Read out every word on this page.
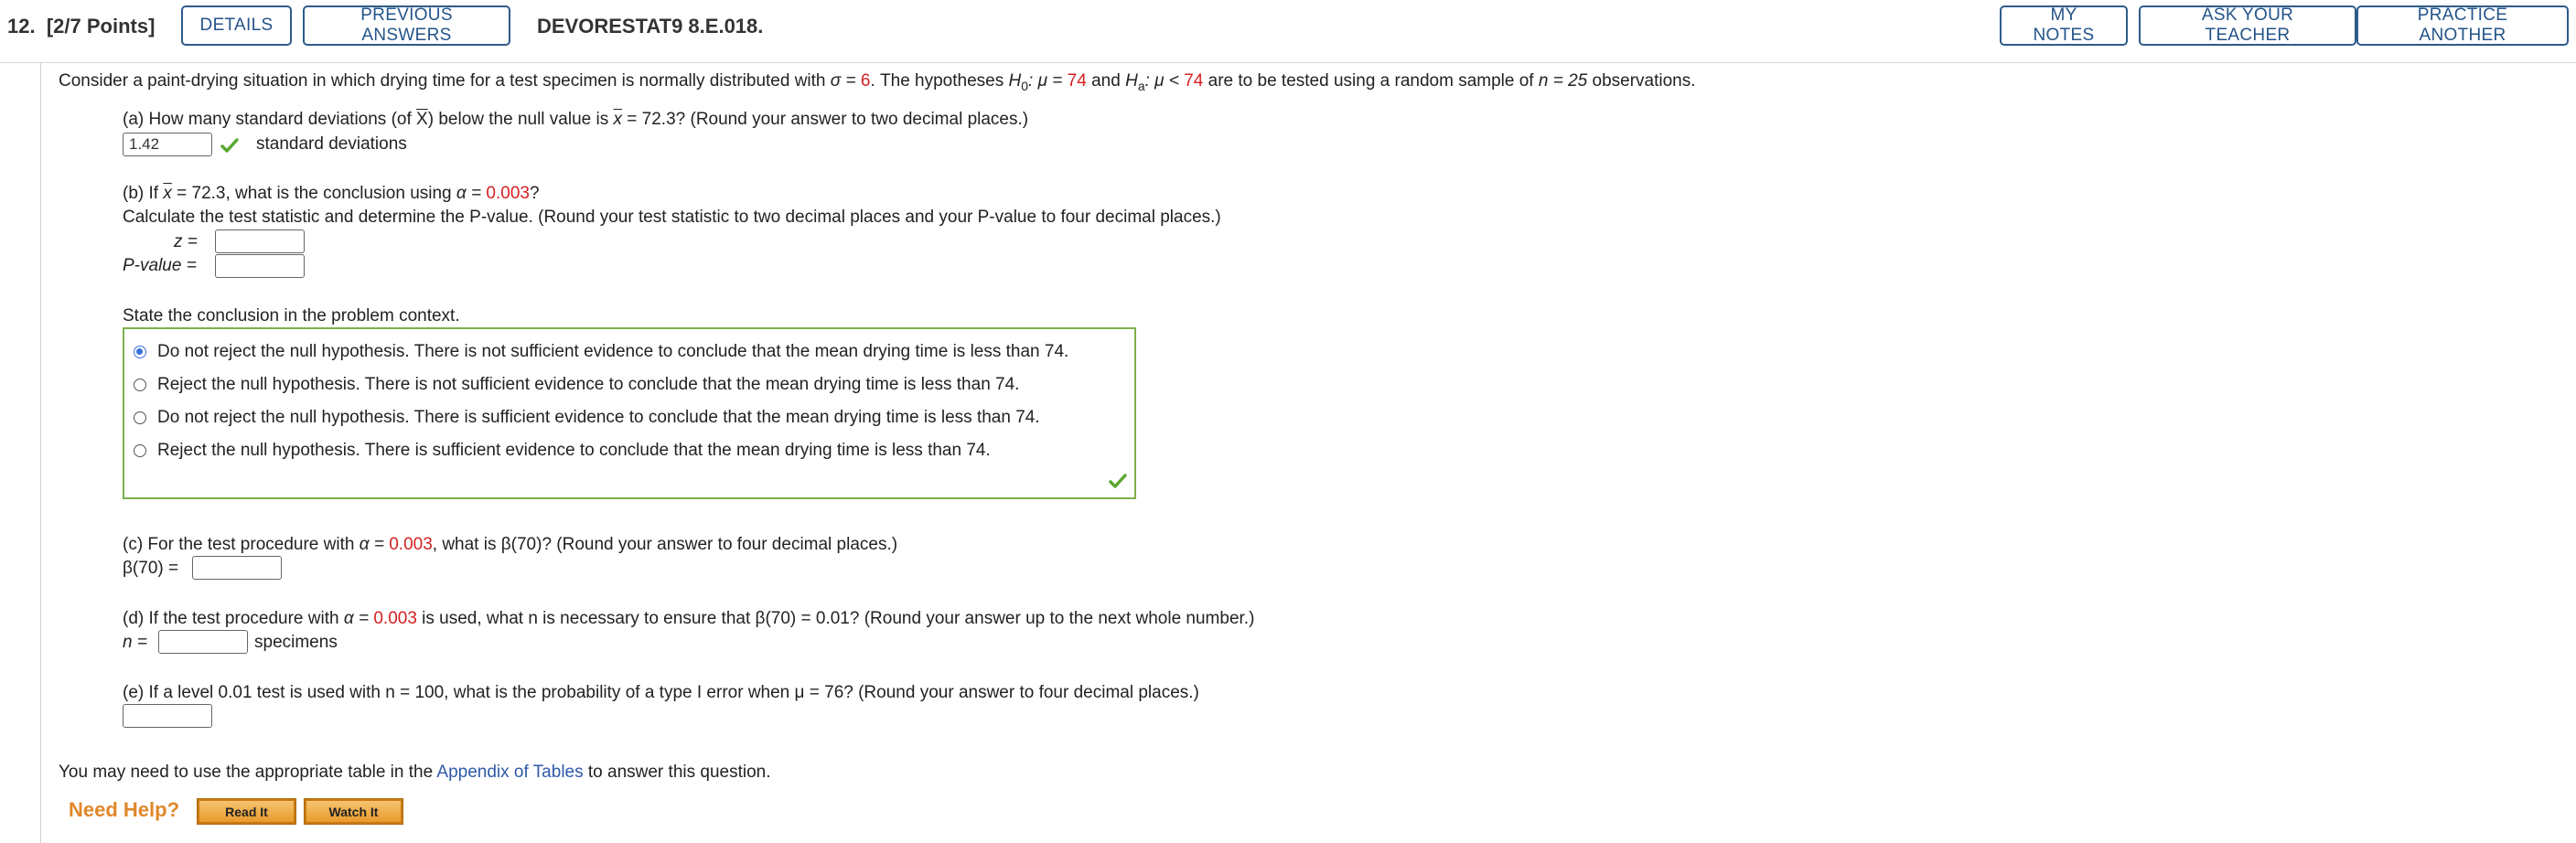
12. [2/7 Points]	DETAILS
PREVIOUS ANSWERS	DEVORESTAT9 8.E.018.	MY NOTES
ASK YOUR TEACHER
PRACTICE ANOTHER
Consider a paint-drying situation in which drying time for a test specimen is normally distributed with σ = 6. The hypotheses $H_0$: μ = 74 and $H_a$: μ < 74 are to be tested using a random sample of n = 25 observations.
(a) How many standard deviations (of $\overline{X}$) below the null value is $\overline{x} = 72.3$? (Round your answer to two decimal places.)
1.42
standard deviations
(b) If $\overline{x} = 72.3$, what is the conclusion using α = 0.003?
Calculate the test statistic and determine the P-value. (Round your test statistic to two decimal places and your P-value to four decimal places.)
z =
P-value =
State the conclusion in the problem context.
Do not reject the null hypothesis. There is not sufficient evidence to conclude that the mean drying time is less than 74.
Reject the null hypothesis. There is not sufficient evidence to conclude that the mean drying time is less than 74.
Do not reject the null hypothesis. There is sufficient evidence to conclude that the mean drying time is less than 74.
Reject the null hypothesis. There is sufficient evidence to conclude that the mean drying time is less than 74.
(c) For the test procedure with α = 0.003, what is β(70)? (Round your answer to four decimal places.)
β(70) =
(d) If the test procedure with α = 0.003 is used, what n is necessary to ensure that β(70) = 0.01? (Round your answer up to the next whole number.)
n =	specimens
(e) If a level 0.01 test is used with n = 100, what is the probability of a type I error when μ = 76? (Round your answer to four decimal places.)
You may need to use the appropriate table in the Appendix of Tables to answer this question.
Need Help?	Read It	Watch It
